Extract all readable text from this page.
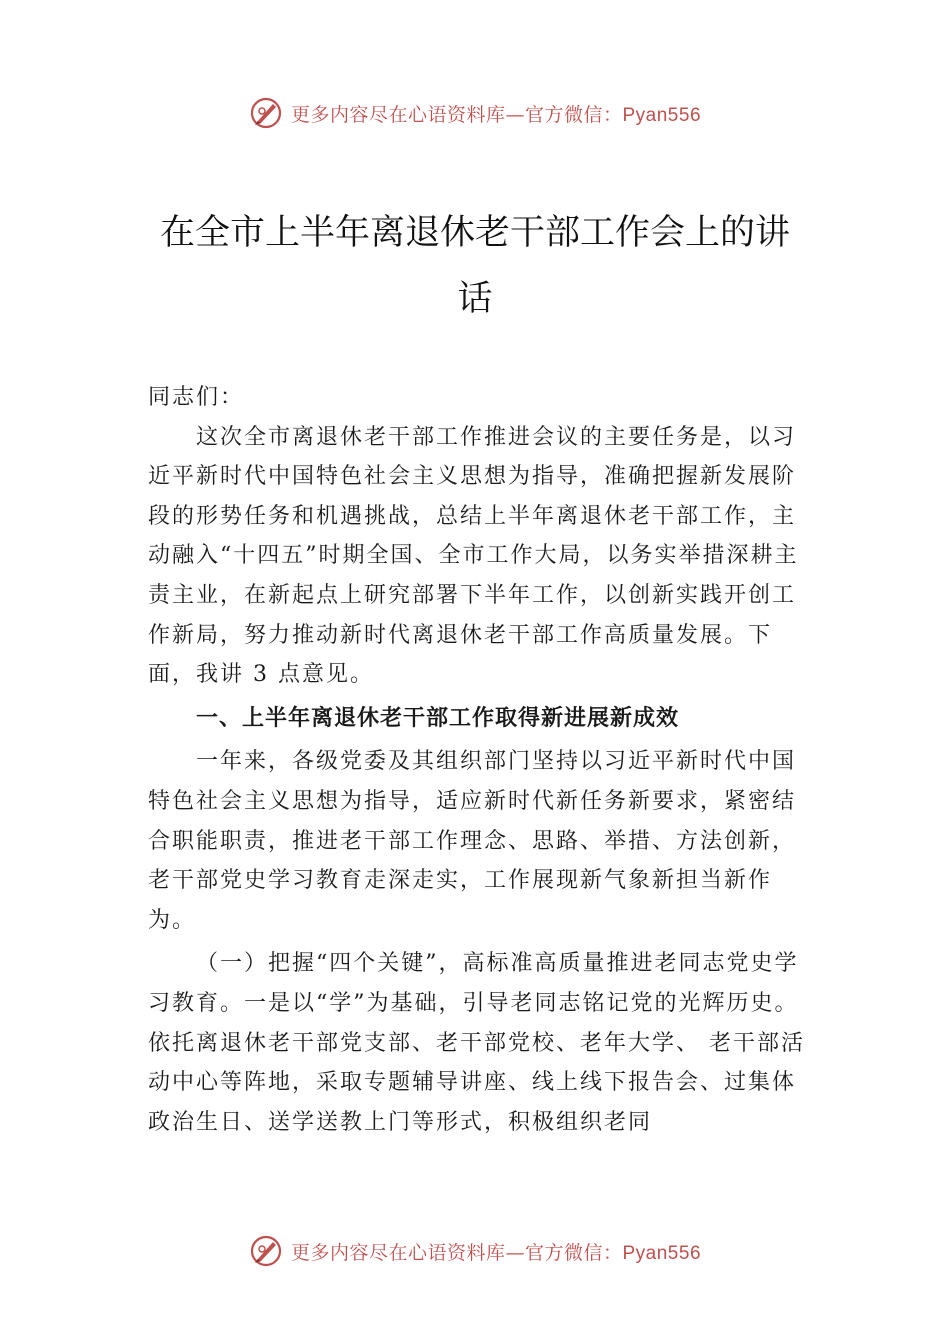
更多内容尽在心语资料库—官方微信：Pyan556
在全市上半年离退休老干部工作会上的讲
话

同志们：

这次全市离退休老干部工作推进会议的主要任务是，以习近平新时代中国特色社会主义思想为指导，准确把握新发展阶段的形势任务和机遇挑战，总结上半年离退休老干部工作，主动融入“十四五”时期全国、全市工作大局，以务实举措深耕主责主业，在新起点上研究部署下半年工作，以创新实践开创工作新局，努力推动新时代离退休老干部工作高质量发展。下面，我讲 3 点意见。

一、上半年离退休老干部工作取得新进展新成效

一年来，各级党委及其组织部门坚持以习近平新时代中国特色社会主义思想为指导，适应新时代新任务新要求，紧密结合职能职责，推进老干部工作理念、思路、举措、方法创新，老干部党史学习教育走深走实，工作展现新气象新担当新作为。

（一）把握“四个关键”，高标准高质量推进老同志党史学习教育。一是以“学”为基础，引导老同志铭记党的光辉历史。依托离退休老干部党支部、老干部党校、老年大学、 老干部活动中心等阵地，采取专题辅导讲座、线上线下报告会、过集体政治生日、送学送教上门等形式，积极组织老同

更多内容尽在心语资料库—官方微信：Pyan556
